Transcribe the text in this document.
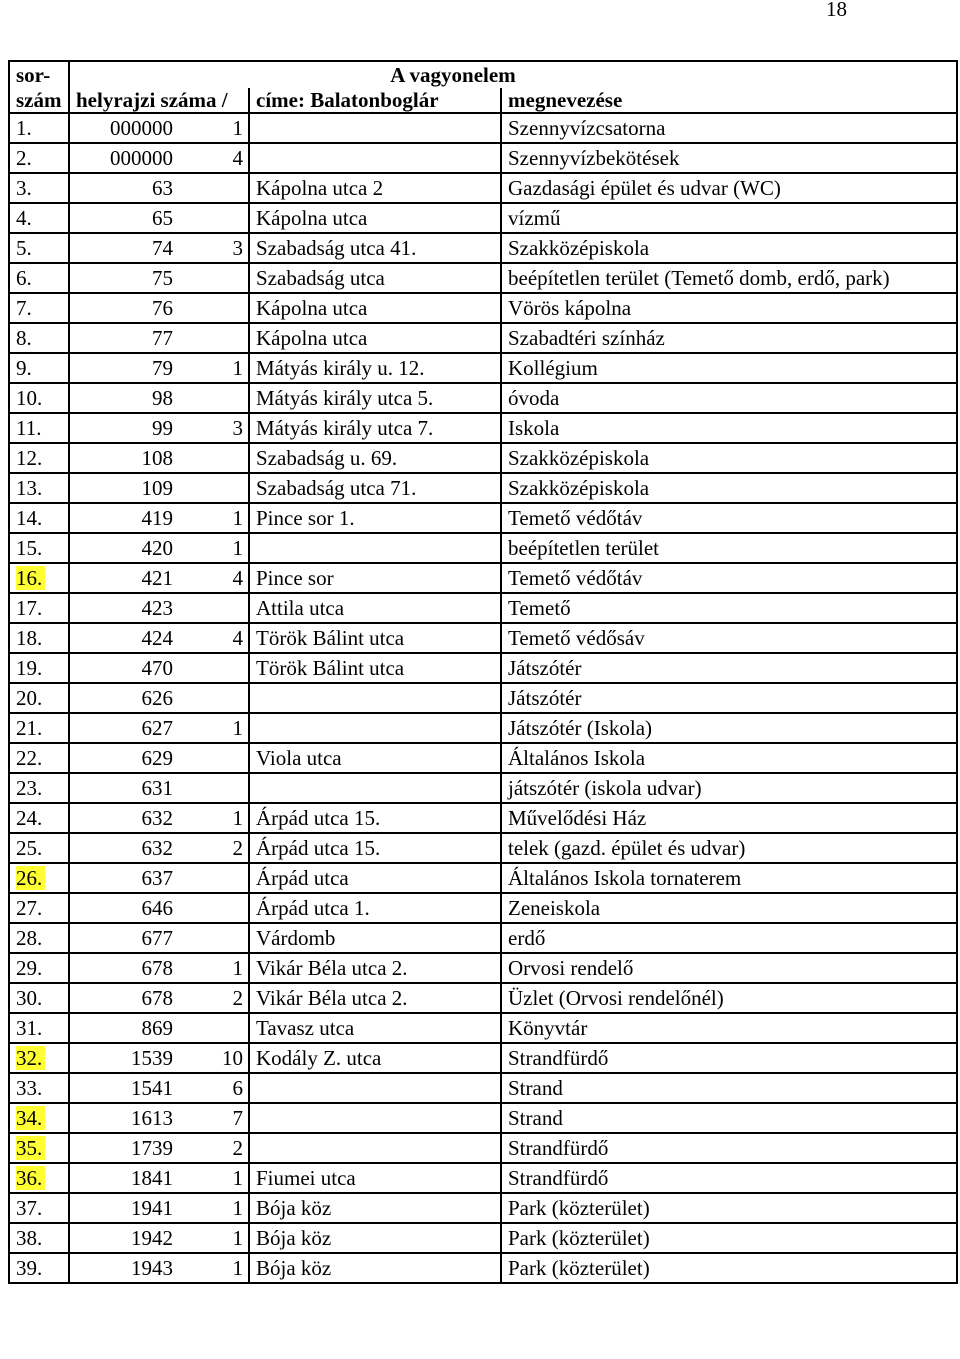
18
sor-	A vagyonelem			
szám	helyrajzi száma /		címe: Balatonboglár	megnevezése
1.	000000	1		Szennyvízcsatorna
2.	000000	4		Szennyvízbekötések
3.	63		Kápolna utca 2	Gazdasági épület és udvar (WC)
4.	65		Kápolna utca	vízmű
5.	74	3	Szabadság utca 41.	Szakközépiskola
6.	75		Szabadság utca	beépítetlen terület (Temető domb, erdő, park)
7.	76		Kápolna utca	Vörös kápolna
8.	77		Kápolna utca	Szabadtéri színház
9.	79	1	Mátyás király u. 12.	Kollégium
10.	98		Mátyás király utca 5.	óvoda
11.	99	3	Mátyás király utca 7.	Iskola
12.	108		Szabadság u. 69.	Szakközépiskola
13.	109		Szabadság utca 71.	Szakközépiskola
14.	419	1	Pince sor 1.	Temető védőtáv
15.	420	1		beépítetlen terület
16.	421	4	Pince sor	Temető védőtáv
17.	423		Attila utca	Temető
18.	424	4	Török Bálint utca	Temető védősáv
19.	470		Török Bálint utca	Játszótér
20.	626			Játszótér
21.	627	1		Játszótér (Iskola)
22.	629		Viola utca	Általános Iskola
23.	631			játszótér (iskola udvar)
24.	632	1	Árpád utca 15.	Művelődési Ház
25.	632	2	Árpád utca 15.	telek (gazd. épület és udvar)
26.	637		Árpád utca	Általános Iskola tornaterem
27.	646		Árpád utca 1.	Zeneiskola
28.	677		Várdomb	erdő
29.	678	1	Vikár Béla utca 2.	Orvosi rendelő
30.	678	2	Vikár Béla utca 2.	Üzlet (Orvosi rendelőnél)
31.	869		Tavasz utca	Könyvtár
32.	1539	10	Kodály Z. utca	Strandfürdő
33.	1541	6		Strand
34.	1613	7		Strand
35.	1739	2		Strandfürdő
36.	1841	1	Fiumei utca	Strandfürdő
37.	1941	1	Bója köz	Park (közterület)
38.	1942	1	Bója köz	Park (közterület)
39.	1943	1	Bója köz	Park (közterület)
